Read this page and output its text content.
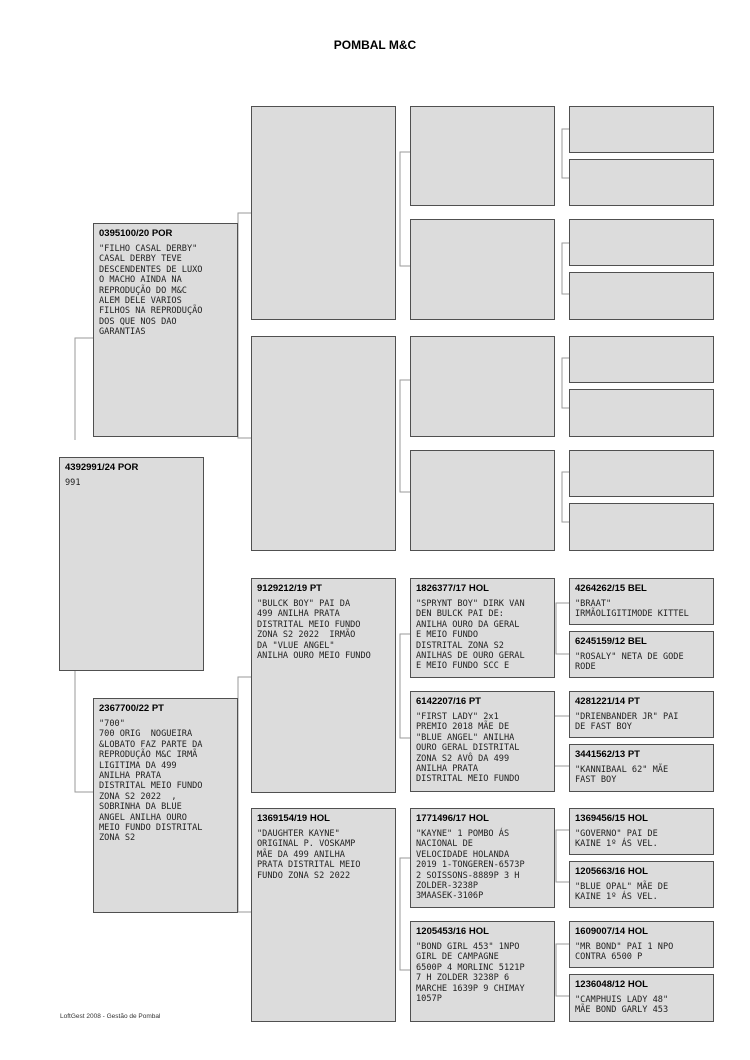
POMBAL M&C
4392991/24 POR
991
0395100/20 POR
"FILHO CASAL DERBY"
CASAL DERBY TEVE
DESCENDENTES DE LUXO
O MACHO AINDA NA
REPRODUÇÃO DO M&C
ALEM DELE VARIOS
FILHOS NA REPRODUÇÃO
DOS QUE NOS DAO
GARANTIAS
2367700/22 PT
"700"
700 ORIG  NOGUEIRA
&LOBATO FAZ PARTE DA
REPRODUÇÃO M&C IRMÃ
LIGITIMA DA 499
ANILHA PRATA
DISTRITAL MEIO FUNDO
ZONA S2 2022  ,
SOBRINHA DA BLUE
ANGEL ANILHA OURO
MEIO FUNDO DISTRITAL
ZONA S2
9129212/19 PT
"BULCK BOY" PAI DA
499 ANILHA PRATA
DISTRITAL MEIO FUNDO
ZONA S2 2022  IRMÃO
DA "VLUE ANGEL"
ANILHA OURO MEIO FUNDO
1369154/19 HOL
"DAUGHTER KAYNE"
ORIGINAL P. VOSKAMP
MÃE DA 499 ANILHA
PRATA DISTRITAL MEIO
FUNDO ZONA S2 2022
1826377/17 HOL
"SPRYNT BOY" DIRK VAN
DEN BULCK PAI DE:
ANILHA OURO DA GERAL
E MEIO FUNDO
DISTRITAL ZONA S2
ANILHAS DE OURO GERAL
E MEIO FUNDO SCC E
6142207/16 PT
"FIRST LADY" 2x1
PREMIO 2018 MÃE DE
"BLUE ANGEL" ANILHA
OURO GERAL DISTRITAL
ZONA S2 AVÔ DA 499
ANILHA PRATA
DISTRITAL MEIO FUNDO
1771496/17 HOL
"KAYNE" 1 POMBO ÁS
NACIONAL DE
VELOCIDADE HOLANDA
2019 1-TONGEREN-6573P
2 SOISSONS-8889P 3 H
ZOLDER-3238P
3MAASEK-3106P
1205453/16 HOL
"BOND GIRL 453" 1NPO
GIRL DE CAMPAGNE
6500P 4 MORLINC 5121P
7 H ZOLDER 3238P 6
MARCHE 1639P 9 CHIMAY
1057P
4264262/15 BEL
"BRAAT"
IRMÃOLIGITIMODE KITTEL
6245159/12 BEL
"ROSALY" NETA DE GODE
RODE
4281221/14 PT
"DRIENBANDER JR" PAI
DE FAST BOY
3441562/13 PT
"KANNIBAAL 62" MÃE
FAST BOY
1369456/15 HOL
"GOVERNO" PAI DE
KAINE 1º ÁS VEL.
1205663/16 HOL
"BLUE OPAL" MÃE DE
KAINE 1º ÁS VEL.
1609007/14 HOL
"MR BOND" PAI 1 NPO
CONTRA 6500 P
1236048/12 HOL
"CAMPHUIS LADY 48"
MÃE BOND GARLY 453
LoftGest 2008 - Gestão de Pombal
